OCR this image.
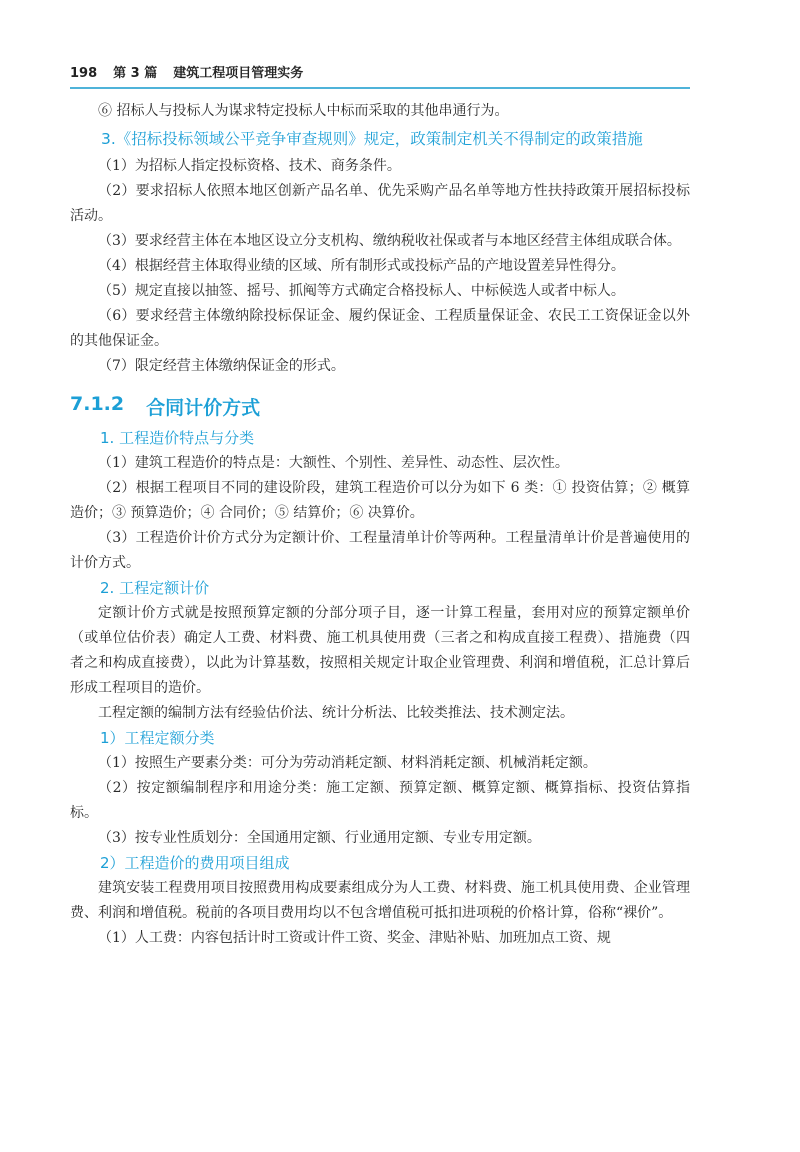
198 第 3 篇 建筑工程项目管理实务

⑥ 招标人与投标人为谋求特定投标人中标而采取的其他串通行为。

3.《招标投标领域公平竞争审查规则》规定，政策制定机关不得制定的政策措施

（1）为招标人指定投标资格、技术、商务条件。

（2）要求招标人依照本地区创新产品名单、优先采购产品名单等地方性扶持政策开展招标投标活动。

（3）要求经营主体在本地区设立分支机构、缴纳税收社保或者与本地区经营主体组成联合体。

（4）根据经营主体取得业绩的区域、所有制形式或投标产品的产地设置差异性得分。

（5）规定直接以抽签、摇号、抓阄等方式确定合格投标人、中标候选人或者中标人。

（6）要求经营主体缴纳除投标保证金、履约保证金、工程质量保证金、农民工工资保证金以外的其他保证金。

（7）限定经营主体缴纳保证金的形式。

7.1.2 合同计价方式
1. 工程造价特点与分类

（1）建筑工程造价的特点是：大额性、个别性、差异性、动态性、层次性。

（2）根据工程项目不同的建设阶段，建筑工程造价可以分为如下 6 类：① 投资估算；② 概算造价；③ 预算造价；④ 合同价；⑤ 结算价；⑥ 决算价。

（3）工程造价计价方式分为定额计价、工程量清单计价等两种。工程量清单计价是普遍使用的计价方式。

2. 工程定额计价

定额计价方式就是按照预算定额的分部分项子目，逐一计算工程量，套用对应的预算定额单价（或单位估价表）确定人工费、材料费、施工机具使用费（三者之和构成直接工程费）、措施费（四者之和构成直接费），以此为计算基数，按照相关规定计取企业管理费、利润和增值税，汇总计算后形成工程项目的造价。

工程定额的编制方法有经验估价法、统计分析法、比较类推法、技术测定法。

1）工程定额分类

（1）按照生产要素分类：可分为劳动消耗定额、材料消耗定额、机械消耗定额。

（2）按定额编制程序和用途分类：施工定额、预算定额、概算定额、概算指标、投资估算指标。

（3）按专业性质划分：全国通用定额、行业通用定额、专业专用定额。

2）工程造价的费用项目组成

建筑安装工程费用项目按照费用构成要素组成分为人工费、材料费、施工机具使用费、企业管理费、利润和增值税。税前的各项目费用均以不包含增值税可抵扣进项税的价格计算，俗称“裸价”。

（1）人工费：内容包括计时工资或计件工资、奖金、津贴补贴、加班加点工资、规
